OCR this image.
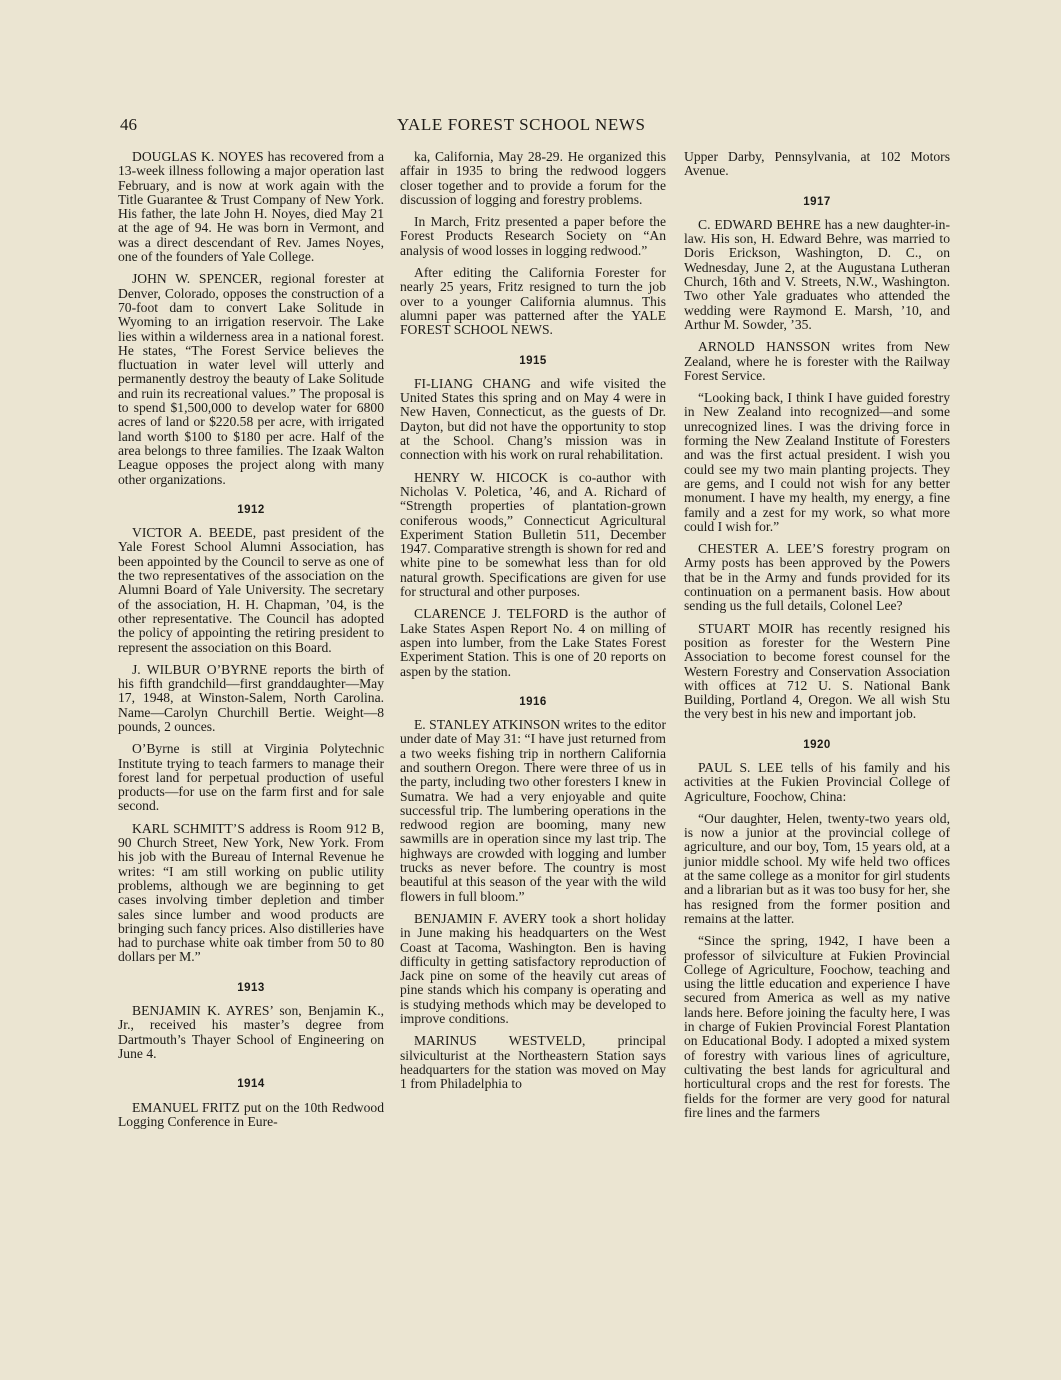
46	YALE FOREST SCHOOL NEWS

DOUGLAS K. NOYES has recovered from a 13-week illness following a major operation last February, and is now at work again with the Title Guarantee & Trust Company of New York. His father, the late John H. Noyes, died May 21 at the age of 94. He was born in Vermont, and was a direct descendant of Rev. James Noyes, one of the founders of Yale College.

JOHN W. SPENCER, regional forester at Denver, Colorado, opposes the construction of a 70-foot dam to convert Lake Solitude in Wyoming to an irrigation reservoir. The Lake lies within a wilderness area in a national forest. He states, “The Forest Service believes the fluctuation in water level will utterly and permanently destroy the beauty of Lake Solitude and ruin its recreational values.” The proposal is to spend $1,500,000 to develop water for 6800 acres of land or $220.58 per acre, with irrigated land worth $100 to $180 per acre. Half of the area belongs to three families. The Izaak Walton League opposes the project along with many other organizations.

1912

VICTOR A. BEEDE, past president of the Yale Forest School Alumni Association, has been appointed by the Council to serve as one of the two representatives of the association on the Alumni Board of Yale University. The secretary of the association, H. H. Chapman, ’04, is the other representative. The Council has adopted the policy of appointing the retiring president to represent the association on this Board.

J. WILBUR O’BYRNE reports the birth of his fifth grandchild—first granddaughter—May 17, 1948, at Winston-Salem, North Carolina. Name—Carolyn Churchill Bertie. Weight—8 pounds, 2 ounces.

O’Byrne is still at Virginia Polytechnic Institute trying to teach farmers to manage their forest land for perpetual production of useful products—for use on the farm first and for sale second.

KARL SCHMITT’S address is Room 912 B, 90 Church Street, New York, New York. From his job with the Bureau of Internal Revenue he writes: “I am still working on public utility problems, although we are beginning to get cases involving timber depletion and timber sales since lumber and wood products are bringing such fancy prices. Also distilleries have had to purchase white oak timber from 50 to 80 dollars per M.”

1913

BENJAMIN K. AYRES’ son, Benjamin K., Jr., received his master’s degree from Dartmouth’s Thayer School of Engineering on June 4.

1914

EMANUEL FRITZ put on the 10th Redwood Logging Conference in Eure-

ka, California, May 28-29. He organized this affair in 1935 to bring the redwood loggers closer together and to provide a forum for the discussion of logging and forestry problems.

In March, Fritz presented a paper before the Forest Products Research Society on “An analysis of wood losses in logging redwood.”

After editing the California Forester for nearly 25 years, Fritz resigned to turn the job over to a younger California alumnus. This alumni paper was patterned after the YALE FOREST SCHOOL NEWS.

1915

FI-LIANG CHANG and wife visited the United States this spring and on May 4 were in New Haven, Connecticut, as the guests of Dr. Dayton, but did not have the opportunity to stop at the School. Chang’s mission was in connection with his work on rural rehabilitation.

HENRY W. HICOCK is co-author with Nicholas V. Poletica, ’46, and A. Richard of “Strength properties of plantation-grown coniferous woods,” Connecticut Agricultural Experiment Station Bulletin 511, December 1947. Comparative strength is shown for red and white pine to be somewhat less than for old natural growth. Specifications are given for use for structural and other purposes.

CLARENCE J. TELFORD is the author of Lake States Aspen Report No. 4 on milling of aspen into lumber, from the Lake States Forest Experiment Station. This is one of 20 reports on aspen by the station.

1916

E. STANLEY ATKINSON writes to the editor under date of May 31: “I have just returned from a two weeks fishing trip in northern California and southern Oregon. There were three of us in the party, including two other foresters I knew in Sumatra. We had a very enjoyable and quite successful trip. The lumbering operations in the redwood region are booming, many new sawmills are in operation since my last trip. The highways are crowded with logging and lumber trucks as never before. The country is most beautiful at this season of the year with the wild flowers in full bloom.”

BENJAMIN F. AVERY took a short holiday in June making his headquarters on the West Coast at Tacoma, Washington. Ben is having difficulty in getting satisfactory reproduction of Jack pine on some of the heavily cut areas of pine stands which his company is operating and is studying methods which may be developed to improve conditions.

MARINUS WESTVELD, principal silviculturist at the Northeastern Station says headquarters for the station was moved on May 1 from Philadelphia to

Upper Darby, Pennsylvania, at 102 Motors Avenue.

1917

C. EDWARD BEHRE has a new daughter-in-law. His son, H. Edward Behre, was married to Doris Erickson, Washington, D. C., on Wednesday, June 2, at the Augustana Lutheran Church, 16th and V. Streets, N.W., Washington. Two other Yale graduates who attended the wedding were Raymond E. Marsh, ’10, and Arthur M. Sowder, ’35.

ARNOLD HANSSON writes from New Zealand, where he is forester with the Railway Forest Service.

“Looking back, I think I have guided forestry in New Zealand into recognized—and some unrecognized lines. I was the driving force in forming the New Zealand Institute of Foresters and was the first actual president. I wish you could see my two main planting projects. They are gems, and I could not wish for any better monument. I have my health, my energy, a fine family and a zest for my work, so what more could I wish for.”

CHESTER A. LEE’S forestry program on Army posts has been approved by the Powers that be in the Army and funds provided for its continuation on a permanent basis. How about sending us the full details, Colonel Lee?

STUART MOIR has recently resigned his position as forester for the Western Pine Association to become forest counsel for the Western Forestry and Conservation Association with offices at 712 U. S. National Bank Building, Portland 4, Oregon. We all wish Stu the very best in his new and important job.

1920

PAUL S. LEE tells of his family and his activities at the Fukien Provincial College of Agriculture, Foochow, China:

“Our daughter, Helen, twenty-two years old, is now a junior at the provincial college of agriculture, and our boy, Tom, 15 years old, at a junior middle school. My wife held two offices at the same college as a monitor for girl students and a librarian but as it was too busy for her, she has resigned from the former position and remains at the latter.

“Since the spring, 1942, I have been a professor of silviculture at Fukien Provincial College of Agriculture, Foochow, teaching and using the little education and experience I have secured from America as well as my native lands here. Before joining the faculty here, I was in charge of Fukien Provincial Forest Plantation on Educational Body. I adopted a mixed system of forestry with various lines of agriculture, cultivating the best lands for agricultural and horticultural crops and the rest for forests. The fields for the former are very good for natural fire lines and the farmers
